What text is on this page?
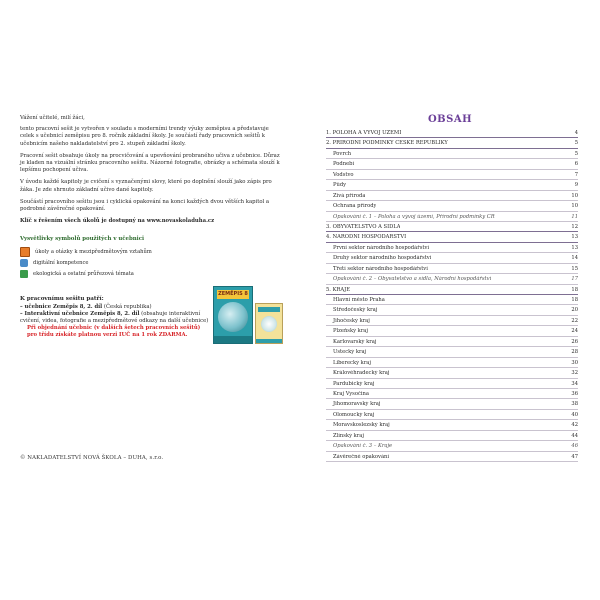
Vážení učitelé, milí žáci,

tento pracovní sešit je vytvořen v souladu s moderními trendy výuky zeměpisu a představuje celek s učebnicí zeměpisu pro 8. ročník základní školy. Je součástí řady pracovních sešitů k učebnicím našeho nakladatelství pro 2. stupeň základní školy.

Pracovní sešit obsahuje úkoly na procvičování a upevňování probraného učiva z učebnice. Důraz je kladen na vizuální stránku pracovního sešitu. Názorné fotografie, obrázky a schémata slouží k lepšímu pochopení učiva.

V úvodu každé kapitoly je cvičení s vyznačenými slovy, které po doplnění slouží jako zápis pro žáka. Je zde shrnuto základní učivo dané kapitoly.

Součástí pracovního sešitu jsou i cyklická opakování na konci každých dvou větších kapitol a podrobné závěrečné opakování.

Klíč s řešením všech úkolů je dostupný na www.novaskoladuha.cz

Vysvětlivky symbolů použitých v učebnici
úkoly a otázky k mezipředmětovým vztahům
digitální kompetence
ekologická a ostatní průřezová témata
K pracovnímu sešitu patří:
– učebnice Zeměpis 8, 2. díl (Česká republika)
– Interaktivní učebnice Zeměpis 8, 2. díl (obsahuje interaktivní cvičení, videa, fotografie a mezipředmětové odkazy na další učebnice)
Při objednání učebnic (v dalších šetech pracovních sešitů) pro třídu získáte platnou verzi IUČ na 1 rok ZDARMA.
ZEMĚPIS 8
© NAKLADATELSTVÍ NOVÁ ŠKOLA – DUHA, s.r.o.
OBSAH
1. POLOHA A VÝVOJ ÚZEMÍ	4
2. PŘÍRODNÍ PODMÍNKY ČESKÉ REPUBLIKY	5
Povrch	5
Podnebí	6
Vodstvo	7
Půdy	9
Živá příroda	10
Ochrana přírody	10
Opakování č. 1 – Poloha a vývoj území, Přírodní podmínky ČR	11
3. OBYVATELSTVO A SÍDLA	12
4. NÁRODNÍ HOSPODÁŘSTVÍ	13
První sektor národního hospodářství	13
Druhý sektor národního hospodářství	14
Třetí sektor národního hospodářství	15
Opakování č. 2 – Obyvatelstvo a sídla, Národní hospodářství	17
5. KRAJE	18
Hlavní město Praha	18
Středočeský kraj	20
Jihočeský kraj	22
Plzeňský kraj	24
Karlovarský kraj	26
Ústecký kraj	28
Liberecký kraj	30
Královéhradecký kraj	32
Pardubický kraj	34
Kraj Vysočina	36
Jihomoravský kraj	38
Olomoucký kraj	40
Moravskoslezský kraj	42
Zlínský kraj	44
Opakování č. 3 – Kraje	46
Závěrečné opakování	47
